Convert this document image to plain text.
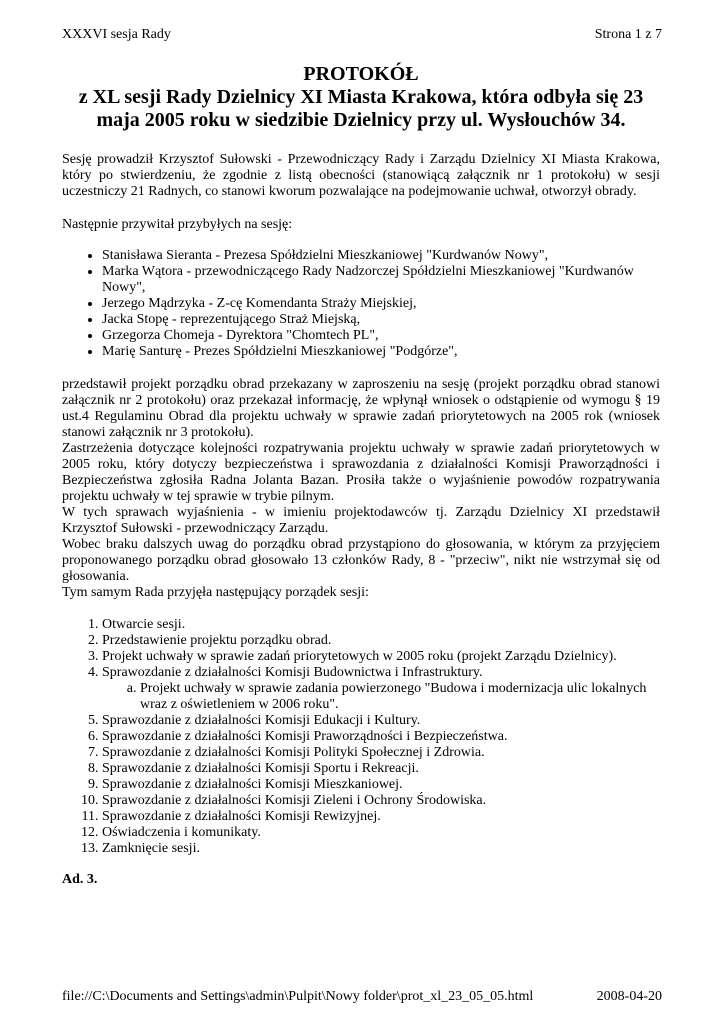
XXXVI sesja Rady	Strona 1 z 7
PROTOKÓŁ
z XL sesji Rady Dzielnicy XI Miasta Krakowa, która odbyła się 23 maja 2005 roku w siedzibie Dzielnicy przy ul. Wysłouchów 34.

Sesję prowadził Krzysztof Sułowski - Przewodniczący Rady i Zarządu Dzielnicy XI Miasta Krakowa, który po stwierdzeniu, że zgodnie z listą obecności (stanowiącą załącznik nr 1 protokołu) w sesji uczestniczy 21 Radnych, co stanowi kworum pozwalające na podejmowanie uchwał, otworzył obrady.

Następnie przywitał przybyłych na sesję:

• Stanisława Sieranta - Prezesa Spółdzielni Mieszkaniowej "Kurdwanów Nowy",
• Marka Wątora - przewodniczącego Rady Nadzorczej Spółdzielni Mieszkaniowej "Kurdwanów Nowy",
• Jerzego Mądrzyka - Z-cę Komendanta Straży Miejskiej,
• Jacka Stopę - reprezentującego Straż Miejską,
• Grzegorza Chomeja - Dyrektora "Chomtech PL",
• Marię Santurę - Prezes Spółdzielni Mieszkaniowej "Podgórze",

przedstawił projekt porządku obrad przekazany w zaproszeniu na sesję (projekt porządku obrad stanowi załącznik nr 2 protokołu) oraz przekazał informację, że wpłynął wniosek o odstąpienie od wymogu § 19 ust.4 Regulaminu Obrad dla projektu uchwały w sprawie zadań priorytetowych na 2005 rok (wniosek stanowi załącznik nr 3 protokołu).

Zastrzeżenia dotyczące kolejności rozpatrywania projektu uchwały w sprawie zadań priorytetowych w 2005 roku, który dotyczy bezpieczeństwa i sprawozdania z działalności Komisji Praworządności i Bezpieczeństwa zgłosiła Radna Jolanta Bazan. Prosiła także o wyjaśnienie powodów rozpatrywania projektu uchwały w tej sprawie w trybie pilnym.

W tych sprawach wyjaśnienia - w imieniu projektodawców tj. Zarządu Dzielnicy XI przedstawił Krzysztof Sułowski - przewodniczący Zarządu.

Wobec braku dalszych uwag do porządku obrad przystąpiono do głosowania, w którym za przyjęciem proponowanego porządku obrad głosowało 13 członków Rady, 8 - "przeciw", nikt nie wstrzymał się od głosowania.

Tym samym Rada przyjęła następujący porządek sesji:

1. Otwarcie sesji.
2. Przedstawienie projektu porządku obrad.
3. Projekt uchwały w sprawie zadań priorytetowych w 2005 roku (projekt Zarządu Dzielnicy).
4. Sprawozdanie z działalności Komisji Budownictwa i Infrastruktury.
a. Projekt uchwały w sprawie zadania powierzonego "Budowa i modernizacja ulic lokalnych wraz z oświetleniem w 2006 roku".
5. Sprawozdanie z działalności Komisji Edukacji i Kultury.
6. Sprawozdanie z działalności Komisji Praworządności i Bezpieczeństwa.
7. Sprawozdanie z działalności Komisji Polityki Społecznej i Zdrowia.
8. Sprawozdanie z działalności Komisji Sportu i Rekreacji.
9. Sprawozdanie z działalności Komisji Mieszkaniowej.
10. Sprawozdanie z działalności Komisji Zieleni i Ochrony Środowiska.
11. Sprawozdanie z działalności Komisji Rewizyjnej.
12. Oświadczenia i komunikaty.
13. Zamknięcie sesji.
Ad. 3.
file://C:\Documents and Settings\admin\Pulpit\Nowy folder\prot_xl_23_05_05.html	2008-04-20
